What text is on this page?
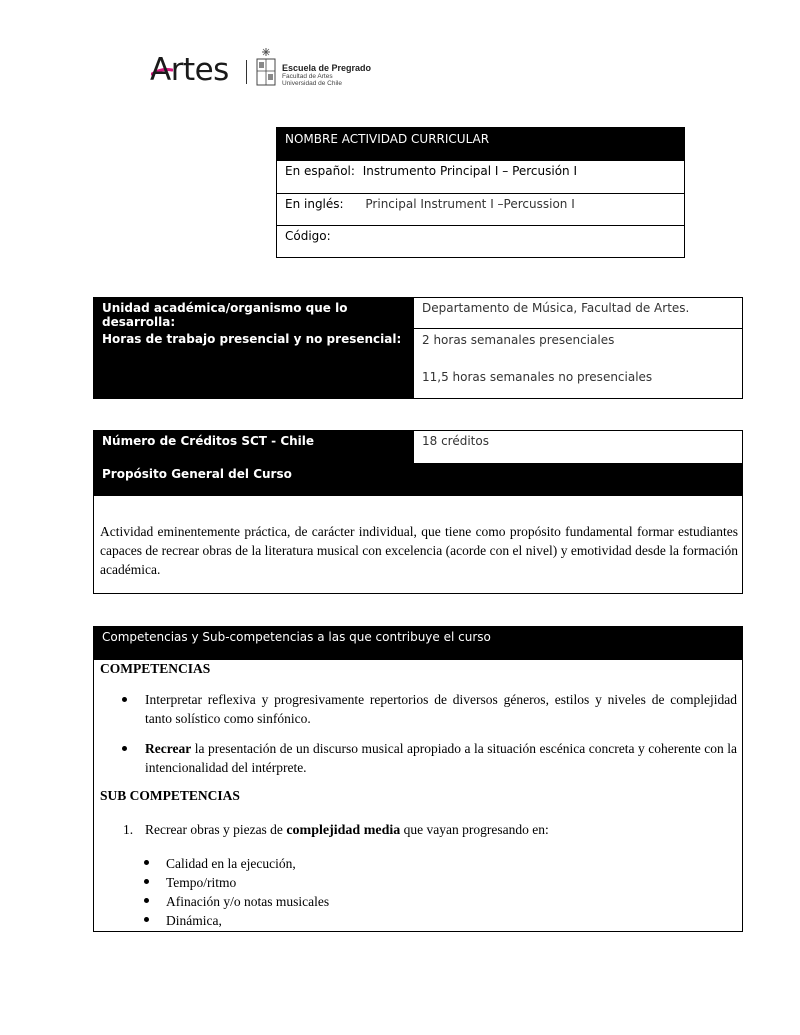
Artes	Escuela de Pregrado
Facultad de Artes
Universidad de Chile
NOMBRE ACTIVIDAD CURRICULAR
En español: Instrumento Principal I – Percusión I
En inglés: Principal Instrument I –Percussion I
Código:
Unidad académica/organismo que lo desarrolla:
Horas de trabajo presencial y no presencial:
Departamento de Música, Facultad de Artes.
2 horas semanales presenciales
11,5 horas semanales no presenciales
Número de Créditos SCT - Chile	18 créditos
Propósito General del Curso
Actividad eminentemente práctica, de carácter individual, que tiene como propósito fundamental formar estudiantes capaces de recrear obras de la literatura musical con excelencia (acorde con el nivel) y emotividad desde la formación académica.
Competencias y Sub-competencias a las que contribuye el curso
COMPETENCIAS
Interpretar reflexiva y progresivamente repertorios de diversos géneros, estilos y niveles de complejidad tanto solístico como sinfónico.
Recrear la presentación de un discurso musical apropiado a la situación escénica concreta y coherente con la intencionalidad del intérprete.
SUB COMPETENCIAS
1. Recrear obras y piezas de complejidad media que vayan progresando en:
Calidad en la ejecución,
Tempo/ritmo
Afinación y/o notas musicales
Dinámica,
